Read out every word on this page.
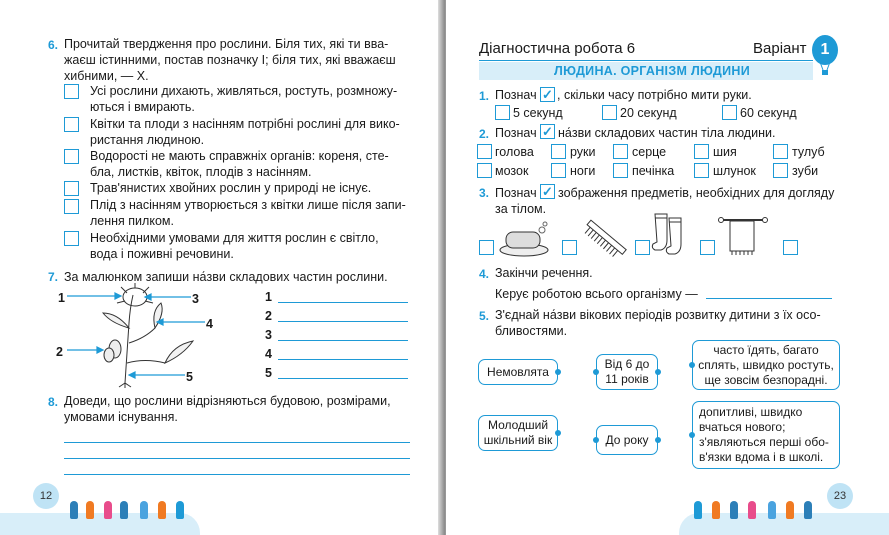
6. Прочитай твердження про рослини. Біля тих, які ти вва-
жаєш істинними, постав позначку І; біля тих, які вважаєш
хибними, — Х.
Усі рослини дихають, живляться, ростуть, розмножу-
ються і вмирають.
Квітки та плоди з насінням потрібні рослині для вико-
ристання людиною.
Водорості не мають справжніх органів: кореня, сте-
бла, листків, квіток, плодів з насінням.
Трав'янистих хвойних рослин у природі не існує.
Плід з насінням утворюється з квітки лише після запи-
лення пилком.
Необхідними умовами для життя рослин є світло,
вода і поживні речовини.
7. За малюнком запиши на́зви складових частин рослини.
1
2
3
4
5
1
2
3
4
5
8. Доведи, що рослини відрізняються будовою, розмірами,
умовами існування.
12
Діагностична робота 6	Варіант 1
ЛЮДИНА. ОРГАНІЗМ ЛЮДИНИ
1. Познач ✓ , скільки часу потрібно мити руки.
5 секунд	20 секунд	60 секунд
2. Познач ✓ на́зви складових частин тіла людини.
голова	руки	серце	шия	тулуб
мозок	ноги	печінка	шлунок	зуби
3. Познач ✓ зображення предметів, необхідних для догляду
за тілом.
4. Закінчи речення.
Керує роботою всього організму —
5. З'єднай на́зви вікових періодів розвитку дитини з їх осо-
бливостями.
Немовлята
Від 6 до
11 років
часто їдять, багато
сплять, швидко ростуть,
ще зовсім безпорадні.
Молодший
шкільний вік	До року
допитливі, швидко
вчаться нового;
з'являються перші обо-
в'язки вдома і в школі.
23
